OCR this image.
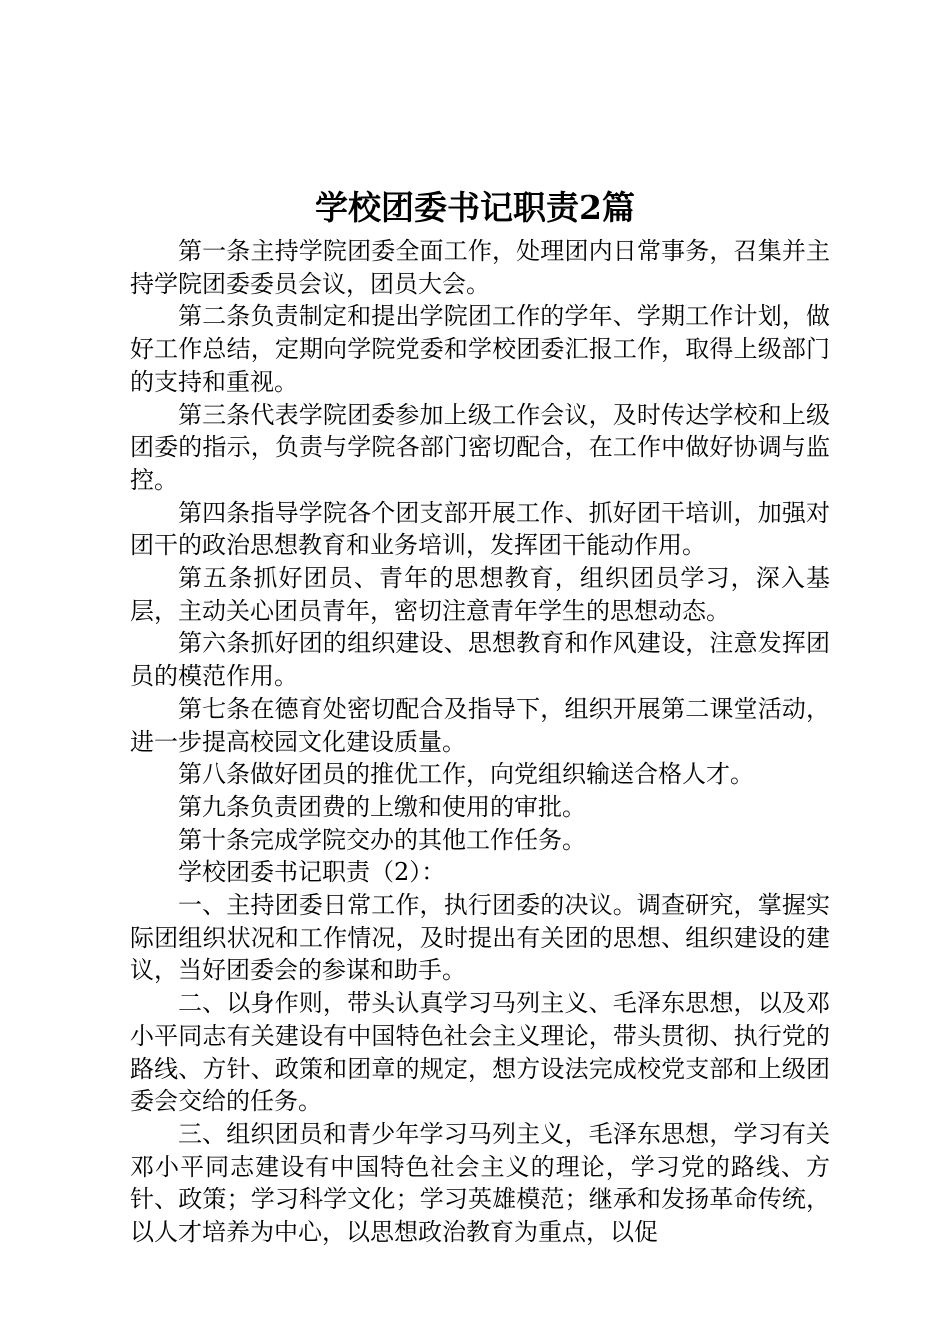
学校团委书记职责2篇

第一条主持学院团委全面工作，处理团内日常事务，召集并主持学院团委委员会议，团员大会。

第二条负责制定和提出学院团工作的学年、学期工作计划，做好工作总结，定期向学院党委和学校团委汇报工作，取得上级部门的支持和重视。

第三条代表学院团委参加上级工作会议，及时传达学校和上级团委的指示，负责与学院各部门密切配合，在工作中做好协调与监控。

第四条指导学院各个团支部开展工作、抓好团干培训，加强对团干的政治思想教育和业务培训，发挥团干能动作用。

第五条抓好团员、青年的思想教育，组织团员学习，深入基层，主动关心团员青年，密切注意青年学生的思想动态。

第六条抓好团的组织建设、思想教育和作风建设，注意发挥团员的模范作用。

第七条在德育处密切配合及指导下，组织开展第二课堂活动，进一步提高校园文化建设质量。

第八条做好团员的推优工作，向党组织输送合格人才。

第九条负责团费的上缴和使用的审批。

第十条完成学院交办的其他工作任务。

学校团委书记职责（2）：

一、主持团委日常工作，执行团委的决议。调查研究，掌握实际团组织状况和工作情况，及时提出有关团的思想、组织建设的建议，当好团委会的参谋和助手。

二、以身作则，带头认真学习马列主义、毛泽东思想，以及邓小平同志有关建设有中国特色社会主义理论，带头贯彻、执行党的路线、方针、政策和团章的规定，想方设法完成校党支部和上级团委会交给的任务。

三、组织团员和青少年学习马列主义，毛泽东思想，学习有关邓小平同志建设有中国特色社会主义的理论，学习党的路线、方针、政策；学习科学文化；学习英雄模范；继承和发扬革命传统，以人才培养为中心，以思想政治教育为重点，以促
